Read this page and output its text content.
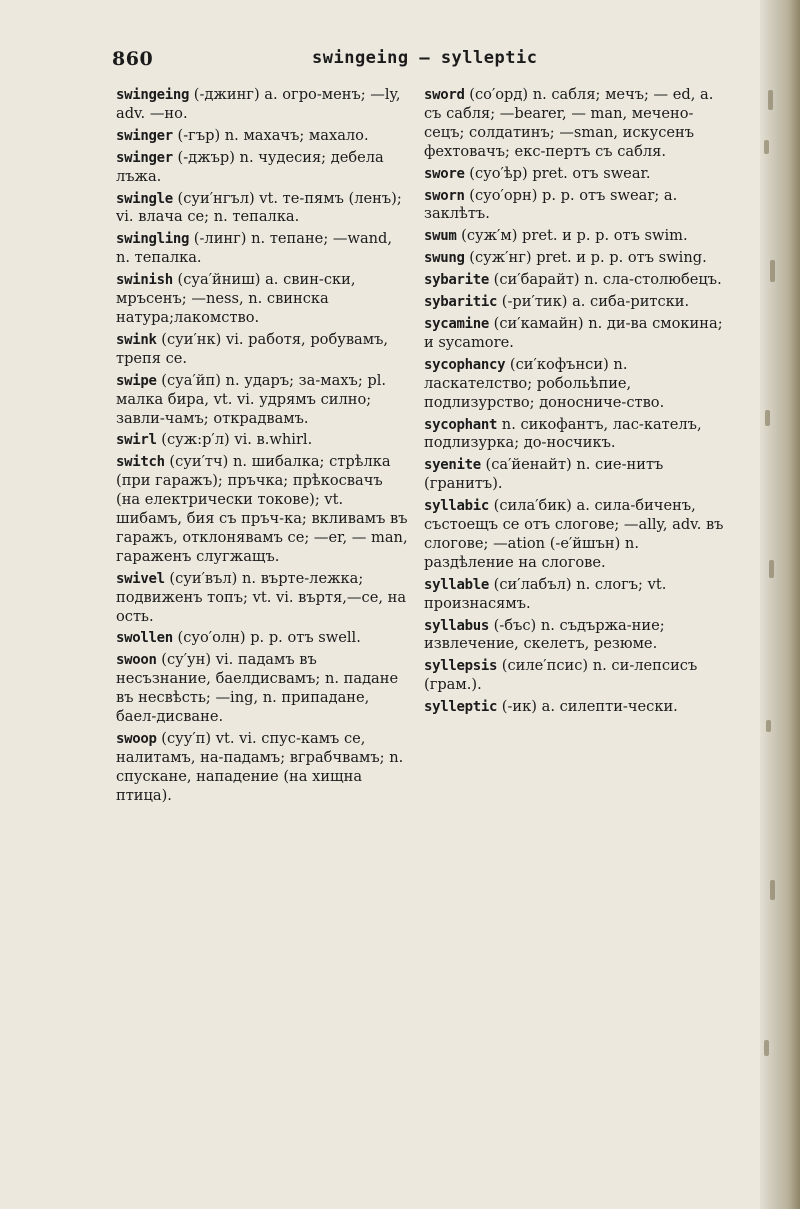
860	swingeing — sylleptic
swingeing (-джинг) a. огро-менъ; —ly, adv. —но.
swinger (-гър) n. махачъ; махало.
swinger (-джър) n. чудесия; дебела лъжа.
swingle (суи′нгъл) vt. те-пямъ (ленъ); vi. влача се; n. тепалка.
swingling (-линг) n. тепане; —wand, n. тепалка.
swinish (суа′йниш) a. свин-ски, мръсенъ; —ness, n. свинска натура;лакомство.
swink (суи′нк) vi. работя, робувамъ, трепя се.
swipe (суа′йп) n. ударъ; за-махъ; pl. малка бира, vt. vi. удрямъ силно; завли-чамъ; открадвамъ.
swirl (суж:р′л) vi. в.whirl.
switch (суи′тч) n. шибалка; стрѣлка (при гаражъ); пръчка; прѣкосвачъ (на електрически токове); vt. шибамъ, бия съ пръч-ка; вкливамъ въ гаражъ, отклонявамъ се; —er, — man, гараженъ слугжащъ.
swivel (суи′въл) n. въртe-лежка; подвиженъ топъ; vt. vi. въртя,—се, на ость.
swollen (суо′олн) p. p. отъ swell.
swoon (су′ун) vi. падамъ въ несъзнание, баелдисвамъ; n. падане въ несвѣсть; —ing, n. припадане, баел-дисване.
swoop (суу′п) vt. vi. спус-камъ се, налитамъ, на-падамъ; вграбчвамъ; n. спускане, нападение (на хищна птица).
sword (со′орд) n. сабля; мечъ; — ed, a. съ сабля; —bearer, — man, мечено-сецъ; солдатинъ; —sman, искусенъ фехтовачъ; екс-пертъ съ сабля.
swore (суо′ѣр) pret. отъ swear.
sworn (суо′орн) p. p. отъ swear; a. заклѣтъ.
swum (суж′м) pret. и p. p. отъ swim.
swung (суж′нг) pret. и p. p. отъ swing.
sybarite (си′барайт) n. сла-столюбецъ.
sybaritic (-ри′тик) a. сиба-ритски.
sycamine (си′камайн) n. ди-ва смокина; и sycamore.
sycophancy (си′кофънси) n. ласкателство; робольѣпие, подлизурство; доносниче-ство.
sycophant n. сикофантъ, лас-кателъ, подлизурка; до-носчикъ.
syenite (са′йенайт) n. сие-нитъ (гранитъ).
syllabic (сила′бик) a. сила-биченъ, състоещъ се отъ слогове; —ally, adv. въ слогове; —ation (-е′йшън) n. раздѣление на слогове.
syllable (си′лабъл) n. слогъ; vt. произнасямъ.
syllabus (-бъс) n. съдържа-ние; извлечение, скелетъ, резюме.
syllepsis (силе′псис) n. си-лепсисъ (грам.).
sylleptic (-ик) a. силепти-чески.
